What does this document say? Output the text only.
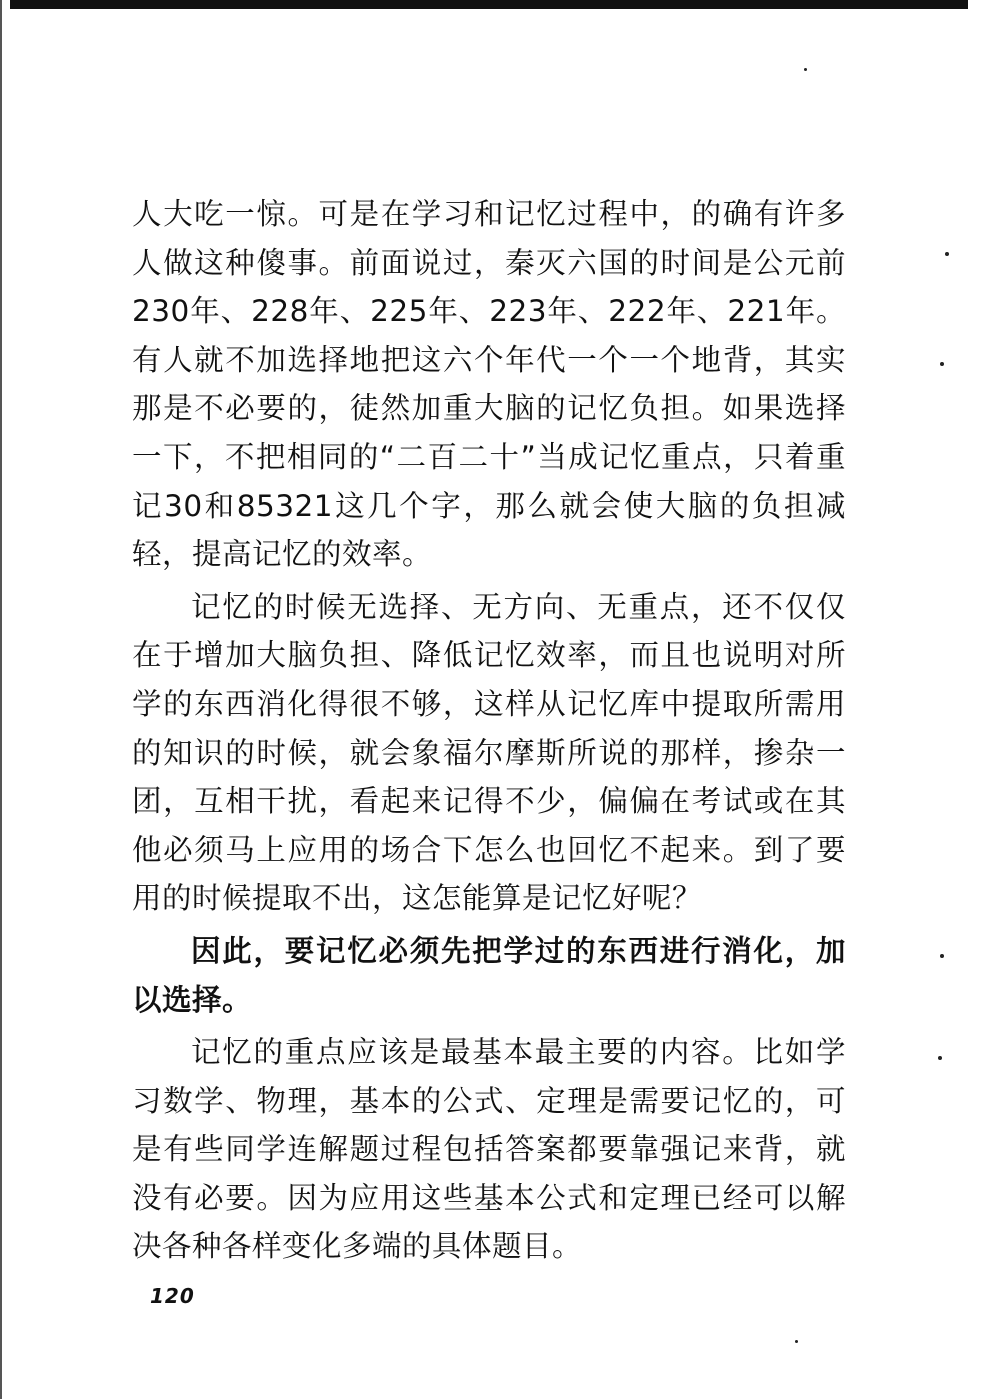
人大吃一惊。可是在学习和记忆过程中，的确有许多人做这种傻事。前面说过，秦灭六国的时间是公元前230年、228年、225年、223年、222年、221年。有人就不加选择地把这六个年代一个一个地背，其实那是不必要的，徒然加重大脑的记忆负担。如果选择一下，不把相同的“二百二十”当成记忆重点，只着重记30和85321这几个字，那么就会使大脑的负担减轻，提高记忆的效率。

记忆的时候无选择、无方向、无重点，还不仅仅在于增加大脑负担、降低记忆效率，而且也说明对所学的东西消化得很不够，这样从记忆库中提取所需用的知识的时候，就会象福尔摩斯所说的那样，掺杂一团，互相干扰，看起来记得不少，偏偏在考试或在其他必须马上应用的场合下怎么也回忆不起来。到了要用的时候提取不出，这怎能算是记忆好呢？

因此，要记忆必须先把学过的东西进行消化，加以选择。

记忆的重点应该是最基本最主要的内容。比如学习数学、物理，基本的公式、定理是需要记忆的，可是有些同学连解题过程包括答案都要靠强记来背，就没有必要。因为应用这些基本公式和定理已经可以解决各种各样变化多端的具体题目。

120
